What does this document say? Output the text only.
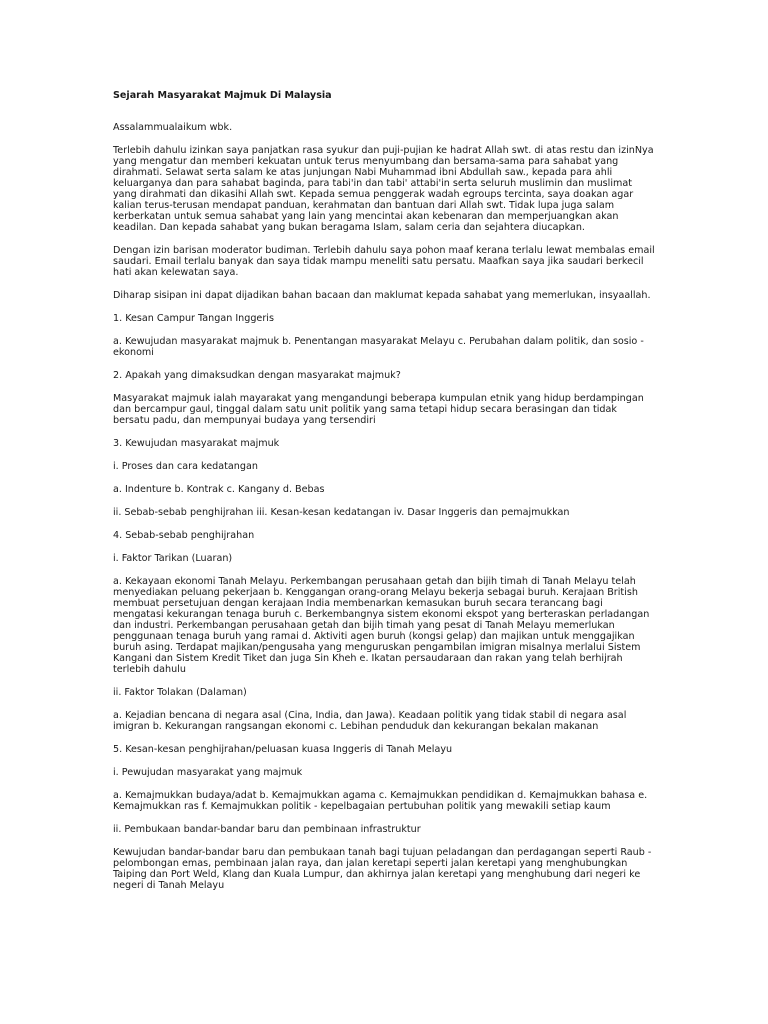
Sejarah Masyarakat Majmuk Di Malaysia
Assalammualaikum wbk.
Terlebih dahulu izinkan saya panjatkan rasa syukur dan puji-pujian ke hadrat Allah swt. di atas restu dan izinNya yang mengatur dan memberi kekuatan untuk terus menyumbang dan bersama-sama para sahabat yang dirahmati. Selawat serta salam ke atas junjungan Nabi Muhammad ibni Abdullah saw., kepada para ahli keluarganya dan para sahabat baginda, para tabi'in dan tabi' attabi'in serta seluruh muslimin dan muslimat yang dirahmati dan dikasihi Allah swt. Kepada semua penggerak wadah egroups tercinta, saya doakan agar kalian terus-terusan mendapat panduan, kerahmatan dan bantuan dari Allah swt. Tidak lupa juga salam kerberkatan untuk semua sahabat yang lain yang mencintai akan kebenaran dan memperjuangkan akan keadilan. Dan kepada sahabat yang bukan beragama Islam, salam ceria dan sejahtera diucapkan.
Dengan izin barisan moderator budiman. Terlebih dahulu saya pohon maaf kerana terlalu lewat membalas email saudari. Email terlalu banyak dan saya tidak mampu meneliti satu persatu. Maafkan saya jika saudari berkecil hati akan kelewatan saya.
Diharap sisipan ini dapat dijadikan bahan bacaan dan maklumat kepada sahabat yang memerlukan, insyaallah.
1. Kesan Campur Tangan Inggeris
a. Kewujudan masyarakat majmuk b. Penentangan masyarakat Melayu c. Perubahan dalam politik, dan sosio - ekonomi
2. Apakah yang dimaksudkan dengan masyarakat majmuk?
Masyarakat majmuk ialah mayarakat yang mengandungi beberapa kumpulan etnik yang hidup berdampingan dan bercampur gaul, tinggal dalam satu unit politik yang sama tetapi hidup secara berasingan dan tidak bersatu padu, dan mempunyai budaya yang tersendiri
3. Kewujudan masyarakat majmuk
i. Proses dan cara kedatangan
a. Indenture b. Kontrak c. Kangany d. Bebas
ii. Sebab-sebab penghijrahan iii. Kesan-kesan kedatangan iv. Dasar Inggeris dan pemajmukkan
4. Sebab-sebab penghijrahan
i. Faktor Tarikan (Luaran)
a. Kekayaan ekonomi Tanah Melayu. Perkembangan perusahaan getah dan bijih timah di Tanah Melayu telah menyediakan peluang pekerjaan b. Kenggangan orang-orang Melayu bekerja sebagai buruh. Kerajaan British membuat persetujuan dengan kerajaan India membenarkan kemasukan buruh secara terancang bagi mengatasi kekurangan tenaga buruh c. Berkembangnya sistem ekonomi ekspot yang berteraskan perladangan dan industri. Perkembangan perusahaan getah dan bijih timah yang pesat di Tanah Melayu memerlukan penggunaan tenaga buruh yang ramai d. Aktiviti agen buruh (kongsi gelap) dan majikan untuk menggajikan buruh asing. Terdapat majikan/pengusaha yang menguruskan pengambilan imigran misalnya merlalui Sistem Kangani dan Sistem Kredit Tiket dan juga Sin Kheh e. Ikatan persaudaraan dan rakan yang telah berhijrah terlebih dahulu
ii. Faktor Tolakan (Dalaman)
a. Kejadian bencana di negara asal (Cina, India, dan Jawa). Keadaan politik yang tidak stabil di negara asal imigran b. Kekurangan rangsangan ekonomi c. Lebihan penduduk dan kekurangan bekalan makanan
5. Kesan-kesan penghijrahan/peluasan kuasa Inggeris di Tanah Melayu
i. Pewujudan masyarakat yang majmuk
a. Kemajmukkan budaya/adat b. Kemajmukkan agama c. Kemajmukkan pendidikan d. Kemajmukkan bahasa e. Kemajmukkan ras f. Kemajmukkan politik - kepelbagaian pertubuhan politik yang mewakili setiap kaum
ii. Pembukaan bandar-bandar baru dan pembinaan infrastruktur
Kewujudan bandar-bandar baru dan pembukaan tanah bagi tujuan peladangan dan perdagangan seperti Raub - pelombongan emas, pembinaan jalan raya, dan jalan keretapi seperti jalan keretapi yang menghubungkan Taiping dan Port Weld, Klang dan Kuala Lumpur, dan akhirnya jalan keretapi yang menghubung dari negeri ke negeri di Tanah Melayu
